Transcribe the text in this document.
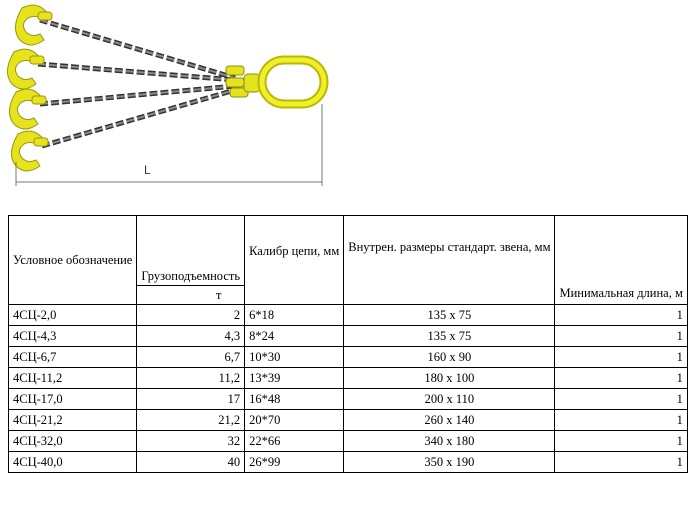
L
Условное обозначение	Грузоподъемность	Калибр цепи, мм	Внутрен. размеры стандарт. звена, мм	Минимальная длина, м
	т			
4СЦ-2,0	2	6*18	135 x 75	1
4СЦ-4,3	4,3	8*24	135 x 75	1
4СЦ-6,7	6,7	10*30	160 x 90	1
4СЦ-11,2	11,2	13*39	180 x 100	1
4СЦ-17,0	17	16*48	200 x 110	1
4СЦ-21,2	21,2	20*70	260 x 140	1
4СЦ-32,0	32	22*66	340 x 180	1
4СЦ-40,0	40	26*99	350 x 190	1
